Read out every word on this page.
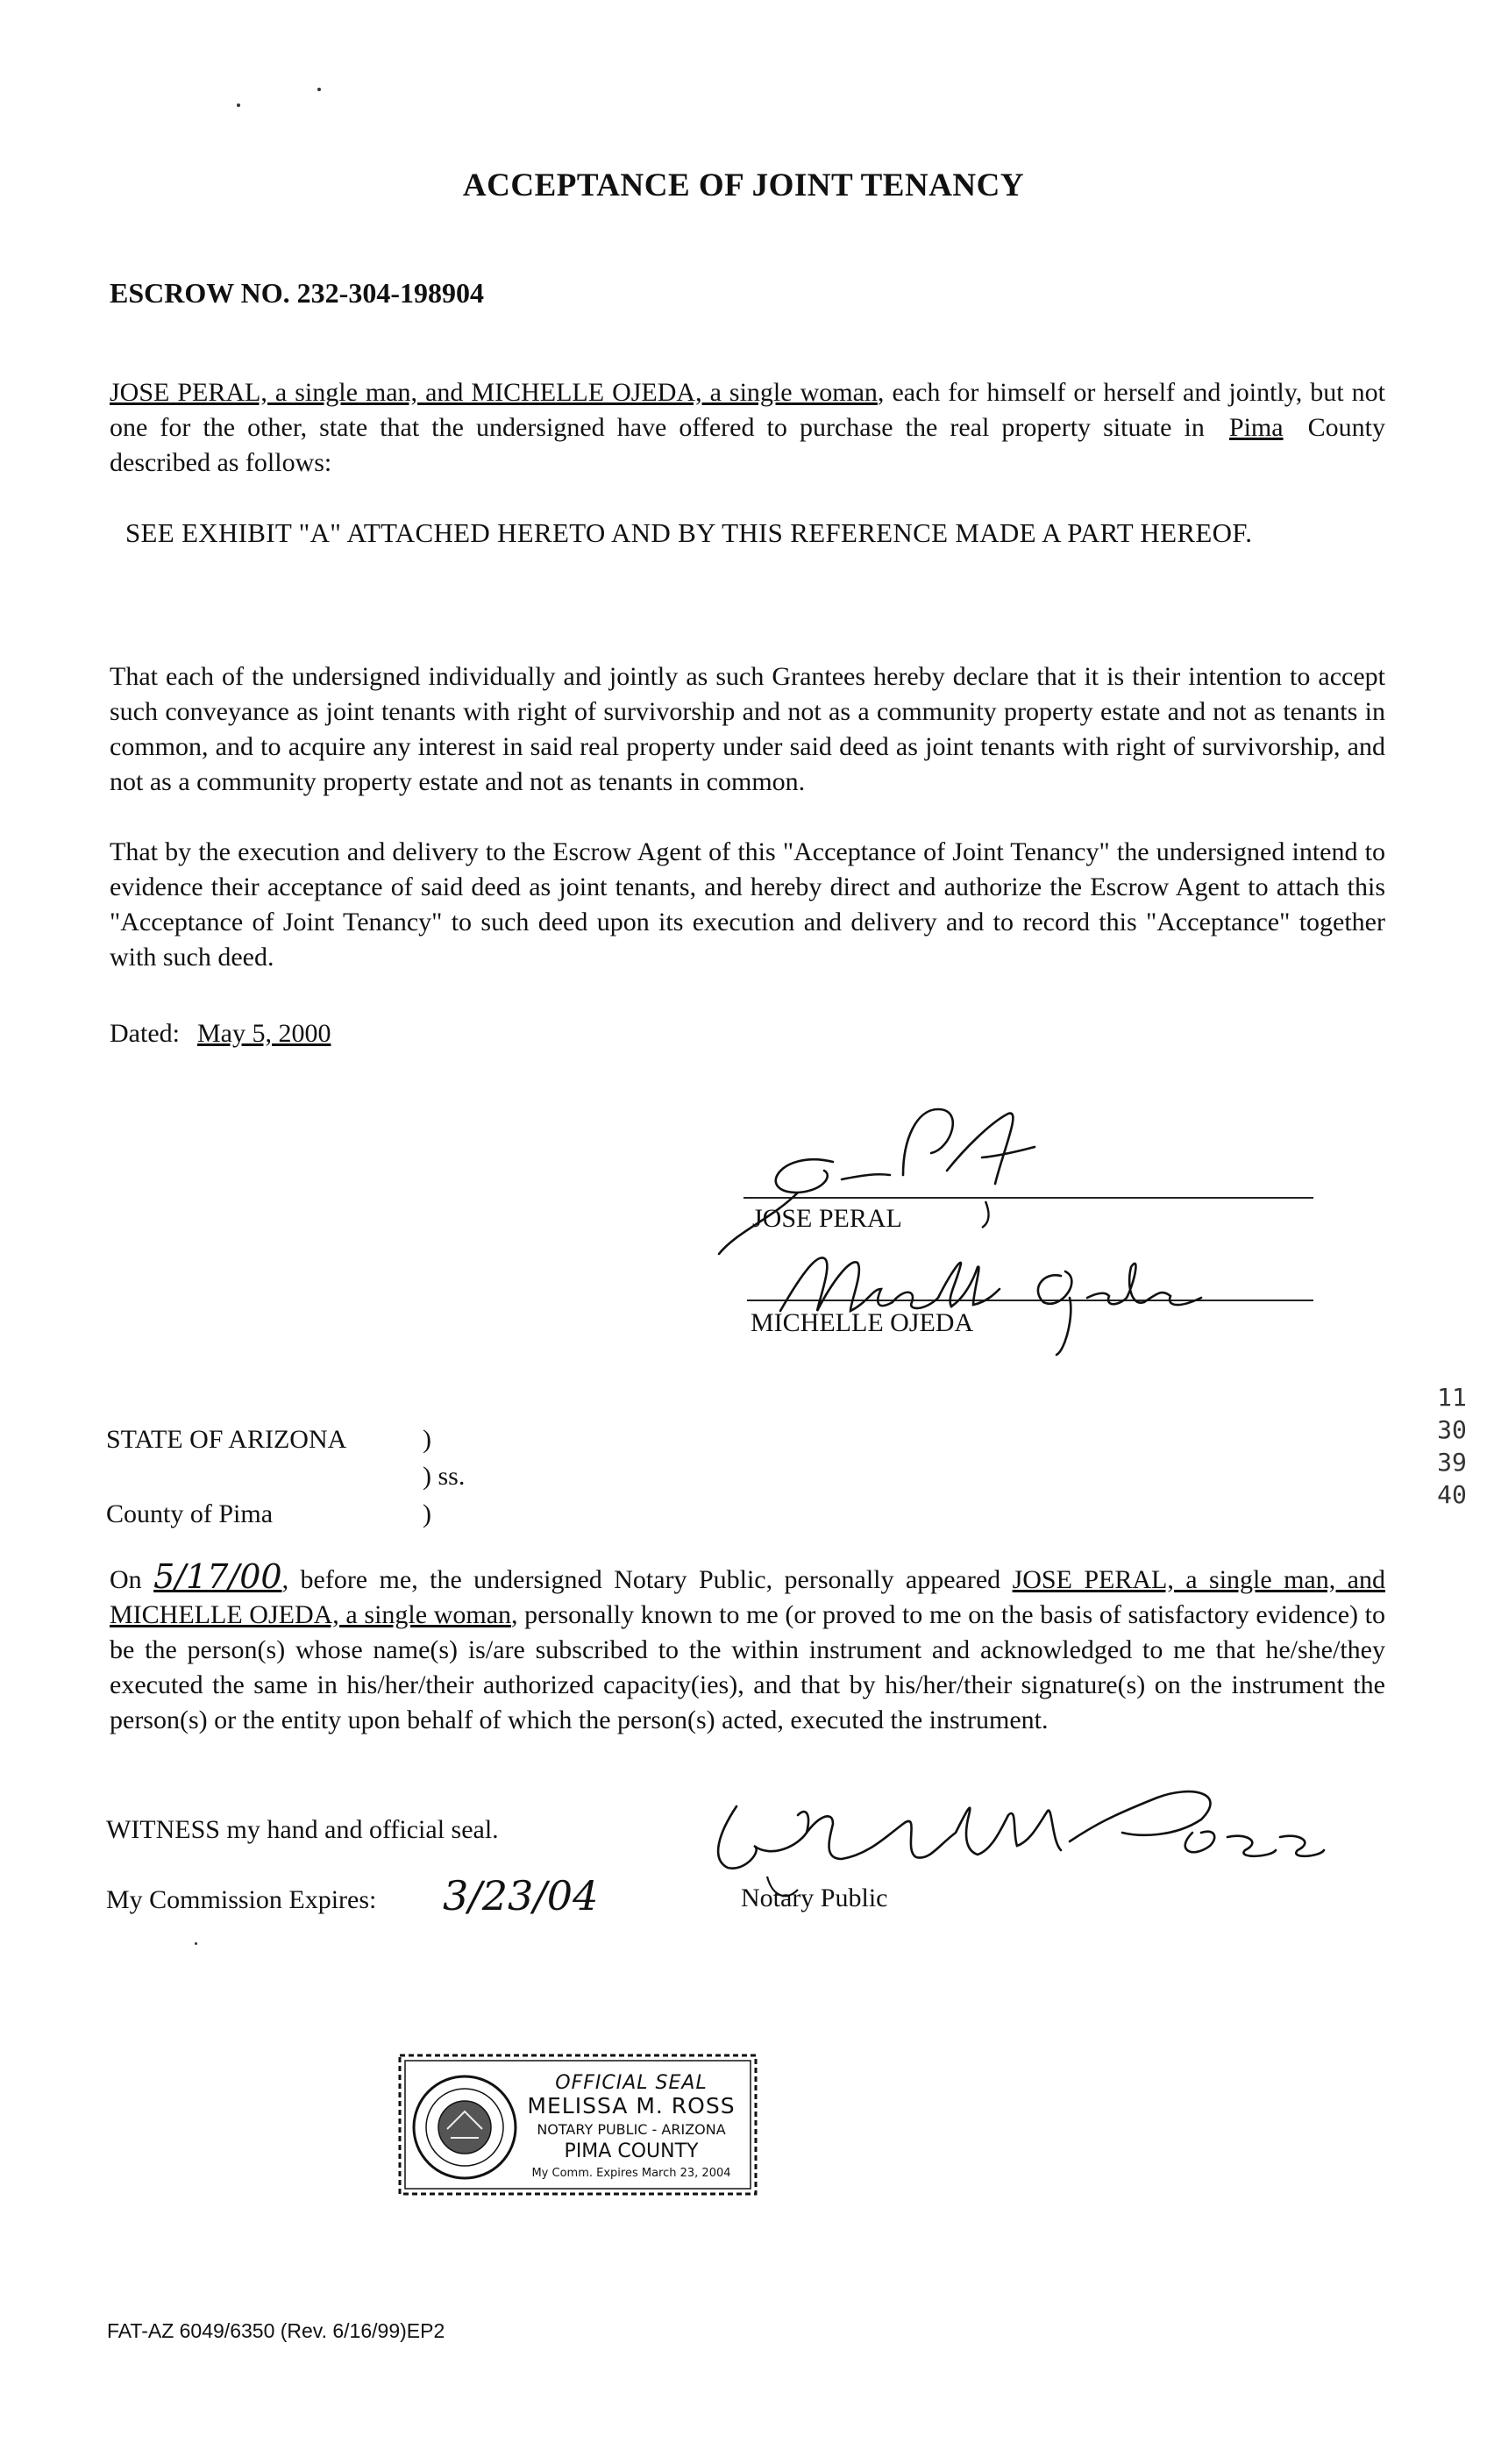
ACCEPTANCE OF JOINT TENANCY
ESCROW NO. 232-304-198904
JOSE PERAL, a single man, and MICHELLE OJEDA, a single woman, each for himself or herself and jointly, but not one for the other, state that the undersigned have offered to purchase the real property situate in Pima County described as follows:
SEE EXHIBIT "A" ATTACHED HERETO AND BY THIS REFERENCE MADE A PART HEREOF.
That each of the undersigned individually and jointly as such Grantees hereby declare that it is their intention to accept such conveyance as joint tenants with right of survivorship and not as a community property estate and not as tenants in common, and to acquire any interest in said real property under said deed as joint tenants with right of survivorship, and not as a community property estate and not as tenants in common.
That by the execution and delivery to the Escrow Agent of this "Acceptance of Joint Tenancy" the undersigned intend to evidence their acceptance of said deed as joint tenants, and hereby direct and authorize the Escrow Agent to attach this "Acceptance of Joint Tenancy" to such deed upon its execution and delivery and to record this "Acceptance" together with such deed.
Dated: May 5, 2000
JOSE PERAL
MICHELLE OJEDA
STATE OF ARIZONA	)
) ss.
County of Pima	)
On 5/17/00, before me, the undersigned Notary Public, personally appeared JOSE PERAL, a single man, and MICHELLE OJEDA, a single woman, personally known to me (or proved to me on the basis of satisfactory evidence) to be the person(s) whose name(s) is/are subscribed to the within instrument and acknowledged to me that he/she/they executed the same in his/her/their authorized capacity(ies), and that by his/her/their signature(s) on the instrument the person(s) or the entity upon behalf of which the person(s) acted, executed the instrument.
WITNESS my hand and official seal.
My Commission Expires: 3/23/04	Notary Public
OFFICIAL SEAL
MELISSA M. ROSS
NOTARY PUBLIC - ARIZONA
PIMA COUNTY
My Comm. Expires March 23, 2004
11303940
FAT-AZ 6049/6350 (Rev. 6/16/99)EP2
